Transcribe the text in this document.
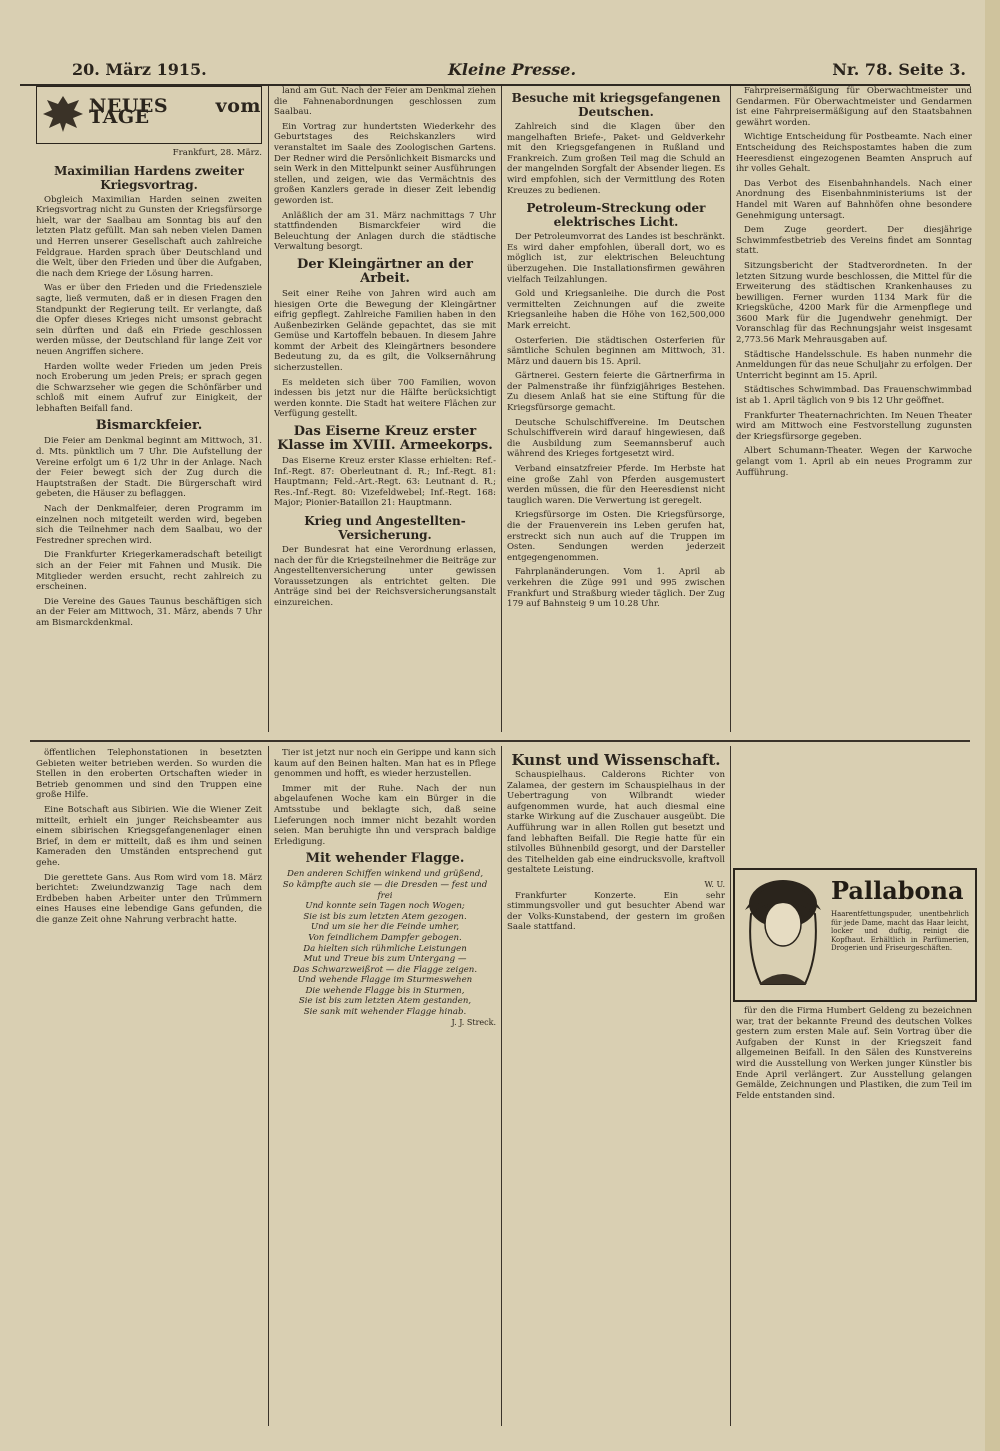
20. März 1915.	Kleine Presse.	Nr. 78. Seite 3.
NEUES vom TAGE
Frankfurt, 28. März.
Maximilian Hardens zweiter Kriegsvortrag.

Obgleich Maximilian Harden seinen zweiten Kriegsvortrag nicht zu Gunsten der Kriegsfürsorge hielt, war der Saalbau am Sonntag bis auf den letzten Platz gefüllt. Man sah neben vielen Damen und Herren unserer Gesellschaft auch zahlreiche Feldgraue. Harden sprach über Deutschland und die Welt, über den Frieden und über die Aufgaben, die nach dem Kriege der Lösung harren.

Was er über den Frieden und die Friedensziele sagte, ließ vermuten, daß er in diesen Fragen den Standpunkt der Regierung teilt. Er verlangte, daß die Opfer dieses Krieges nicht umsonst gebracht sein dürften und daß ein Friede geschlossen werden müsse, der Deutschland für lange Zeit vor neuen Angriffen sichere.

Harden wollte weder Frieden um jeden Preis noch Eroberung um jeden Preis; er sprach gegen die Schwarzseher wie gegen die Schönfärber und schloß mit einem Aufruf zur Einigkeit, der lebhaften Beifall fand.

Bismarckfeier.

Die Feier am Denkmal beginnt am Mittwoch, 31. d. Mts. pünktlich um 7 Uhr. Die Aufstellung der Vereine erfolgt um 6 1/2 Uhr in der Anlage. Nach der Feier bewegt sich der Zug durch die Hauptstraßen der Stadt. Die Bürgerschaft wird gebeten, die Häuser zu beflaggen.

Nach der Denkmalfeier, deren Programm im einzelnen noch mitgeteilt werden wird, begeben sich die Teilnehmer nach dem Saalbau, wo der Festredner sprechen wird.

Die Frankfurter Kriegerkameradschaft beteiligt sich an der Feier mit Fahnen und Musik. Die Mitglieder werden ersucht, recht zahlreich zu erscheinen.

Die Vereine des Gaues Taunus beschäftigen sich an der Feier am Mittwoch, 31. März, abends 7 Uhr am Bismarckdenkmal.

land am Gut. Nach der Feier am Denkmal ziehen die Fahnenabordnungen geschlossen zum Saalbau.

Ein Vortrag zur hundertsten Wiederkehr des Geburtstages des Reichskanzlers wird veranstaltet im Saale des Zoologischen Gartens. Der Redner wird die Persönlichkeit Bismarcks und sein Werk in den Mittelpunkt seiner Ausführungen stellen, und zeigen, wie das Vermächtnis des großen Kanzlers gerade in dieser Zeit lebendig geworden ist.

Anläßlich der am 31. März nachmittags 7 Uhr stattfindenden Bismarckfeier wird die Beleuchtung der Anlagen durch die städtische Verwaltung besorgt.

Der Kleingärtner an der Arbeit.

Seit einer Reihe von Jahren wird auch am hiesigen Orte die Bewegung der Kleingärtner eifrig gepflegt. Zahlreiche Familien haben in den Außenbezirken Gelände gepachtet, das sie mit Gemüse und Kartoffeln bebauen. In diesem Jahre kommt der Arbeit des Kleingärtners besondere Bedeutung zu, da es gilt, die Volksernährung sicherzustellen.

Es meldeten sich über 700 Familien, wovon indessen bis jetzt nur die Hälfte berücksichtigt werden konnte. Die Stadt hat weitere Flächen zur Verfügung gestellt.

Das Eiserne Kreuz erster Klasse im XVIII. Armeekorps.

Das Eiserne Kreuz erster Klasse erhielten: Ref.-Inf.-Regt. 87: Oberleutnant d. R.; Inf.-Regt. 81: Hauptmann; Feld.-Art.-Regt. 63: Leutnant d. R.; Res.-Inf.-Regt. 80: Vizefeldwebel; Inf.-Regt. 168: Major; Pionier-Bataillon 21: Hauptmann.

Krieg und Angestellten-Versicherung.

Der Bundesrat hat eine Verordnung erlassen, nach der für die Kriegsteilnehmer die Beiträge zur Angestelltenversicherung unter gewissen Voraussetzungen als entrichtet gelten. Die Anträge sind bei der Reichsversicherungsanstalt einzureichen.

Besuche mit kriegsgefangenen Deutschen.

Zahlreich sind die Klagen über den mangelhaften Briefe-, Paket- und Geldverkehr mit den Kriegsgefangenen in Rußland und Frankreich. Zum großen Teil mag die Schuld an der mangelnden Sorgfalt der Absender liegen. Es wird empfohlen, sich der Vermittlung des Roten Kreuzes zu bedienen.

Petroleum-Streckung oder elektrisches Licht.

Der Petroleumvorrat des Landes ist beschränkt. Es wird daher empfohlen, überall dort, wo es möglich ist, zur elektrischen Beleuchtung überzugehen. Die Installationsfirmen gewähren vielfach Teilzahlungen.

Gold und Kriegsanleihe. Die durch die Post vermittelten Zeichnungen auf die zweite Kriegsanleihe haben die Höhe von 162,500,000 Mark erreicht.

Osterferien. Die städtischen Osterferien für sämtliche Schulen beginnen am Mittwoch, 31. März und dauern bis 15. April.

Gärtnerei. Gestern feierte die Gärtnerfirma in der Palmenstraße ihr fünfzigjähriges Bestehen. Zu diesem Anlaß hat sie eine Stiftung für die Kriegsfürsorge gemacht.

Deutsche Schulschiffvereine. Im Deutschen Schulschiffverein wird darauf hingewiesen, daß die Ausbildung zum Seemannsberuf auch während des Krieges fortgesetzt wird.

Verband einsatzfreier Pferde. Im Herbste hat eine große Zahl von Pferden ausgemustert werden müssen, die für den Heeresdienst nicht tauglich waren. Die Verwertung ist geregelt.

Kriegsfürsorge im Osten. Die Kriegsfürsorge, die der Frauenverein ins Leben gerufen hat, erstreckt sich nun auch auf die Truppen im Osten. Sendungen werden jederzeit entgegengenommen.

Fahrplanänderungen. Vom 1. April ab verkehren die Züge 991 und 995 zwischen Frankfurt und Straßburg wieder täglich. Der Zug 179 auf Bahnsteig 9 um 10.28 Uhr.

Fahrpreisermäßigung für Oberwachtmeister und Gendarmen. Für Oberwachtmeister und Gendarmen ist eine Fahrpreisermäßigung auf den Staatsbahnen gewährt worden.

Wichtige Entscheidung für Postbeamte. Nach einer Entscheidung des Reichspostamtes haben die zum Heeresdienst eingezogenen Beamten Anspruch auf ihr volles Gehalt.

Das Verbot des Eisenbahnhandels. Nach einer Anordnung des Eisenbahnministeriums ist der Handel mit Waren auf Bahnhöfen ohne besondere Genehmigung untersagt.

Dem Zuge geordert. Der diesjährige Schwimmfestbetrieb des Vereins findet am Sonntag statt.

Sitzungsbericht der Stadtverordneten. In der letzten Sitzung wurde beschlossen, die Mittel für die Erweiterung des städtischen Krankenhauses zu bewilligen. Ferner wurden 1134 Mark für die Kriegsküche, 4200 Mark für die Armenpflege und 3600 Mark für die Jugendwehr genehmigt. Der Voranschlag für das Rechnungsjahr weist insgesamt 2,773.56 Mark Mehrausgaben auf.

Städtische Handelsschule. Es haben nunmehr die Anmeldungen für das neue Schuljahr zu erfolgen. Der Unterricht beginnt am 15. April.

Städtisches Schwimmbad. Das Frauenschwimmbad ist ab 1. April täglich von 9 bis 12 Uhr geöffnet.

Frankfurter Theaternachrichten. Im Neuen Theater wird am Mittwoch eine Festvorstellung zugunsten der Kriegsfürsorge gegeben.

Albert Schumann-Theater. Wegen der Karwoche gelangt vom 1. April ab ein neues Programm zur Aufführung.

Pallabona
Haarentfettungspuder, unentbehrlich für jede Dame, macht das Haar leicht, locker und duftig, reinigt die Kopfhaut. Erhältlich in Parfümerien, Drogerien und Friseurgeschäften.

öffentlichen Telephonstationen in besetzten Gebieten weiter betrieben werden. So wurden die Stellen in den eroberten Ortschaften wieder in Betrieb genommen und sind den Truppen eine große Hilfe.

Eine Botschaft aus Sibirien. Wie die Wiener Zeit mitteilt, erhielt ein junger Reichsbeamter aus einem sibirischen Kriegsgefangenenlager einen Brief, in dem er mitteilt, daß es ihm und seinen Kameraden den Umständen entsprechend gut gehe.

Die gerettete Gans. Aus Rom wird vom 18. März berichtet: Zweiundzwanzig Tage nach dem Erdbeben haben Arbeiter unter den Trümmern eines Hauses eine lebendige Gans gefunden, die die ganze Zeit ohne Nahrung verbracht hatte.

Tier ist jetzt nur noch ein Gerippe und kann sich kaum auf den Beinen halten. Man hat es in Pflege genommen und hofft, es wieder herzustellen.

Immer mit der Ruhe. Nach der nun abgelaufenen Woche kam ein Bürger in die Amtsstube und beklagte sich, daß seine Lieferungen noch immer nicht bezahlt worden seien. Man beruhigte ihn und versprach baldige Erledigung.

Mit wehender Flagge.
Den anderen Schiffen winkend und grüßend,
So kämpfte auch sie — die Dresden — fest und frei
Und konnte sein Tagen noch Wogen;
Sie ist bis zum letzten Atem gezogen.
Und um sie her die Feinde umher,
Von feindlichem Dampfer gebogen.
Da hielten sich rühmliche Leistungen
Mut und Treue bis zum Untergang —
Das Schwarzweißrot — die Flagge zeigen.
Und wehende Flagge im Sturmeswehen
Die wehende Flagge bis in Sturmen,
Sie ist bis zum letzten Atem gestanden,
Sie sank mit wehender Flagge hinab.
J. J. Streck.
Kunst und Wissenschaft.

Schauspielhaus. Calderons Richter von Zalamea, der gestern im Schauspielhaus in der Uebertragung von Wilbrandt wieder aufgenommen wurde, hat auch diesmal eine starke Wirkung auf die Zuschauer ausgeübt. Die Aufführung war in allen Rollen gut besetzt und fand lebhaften Beifall. Die Regie hatte für ein stilvolles Bühnenbild gesorgt, und der Darsteller des Titelhelden gab eine eindrucksvolle, kraftvoll gestaltete Leistung.

W. U.

Frankfurter Konzerte. Ein sehr stimmungsvoller und gut besuchter Abend war der Volks-Kunstabend, der gestern im großen Saale stattfand.

für den die Firma Humbert Geldeng zu bezeichnen war, trat der bekannte Freund des deutschen Volkes gestern zum ersten Male auf. Sein Vortrag über die Aufgaben der Kunst in der Kriegszeit fand allgemeinen Beifall. In den Sälen des Kunstvereins wird die Ausstellung von Werken junger Künstler bis Ende April verlängert. Zur Ausstellung gelangen Gemälde, Zeichnungen und Plastiken, die zum Teil im Felde entstanden sind.
